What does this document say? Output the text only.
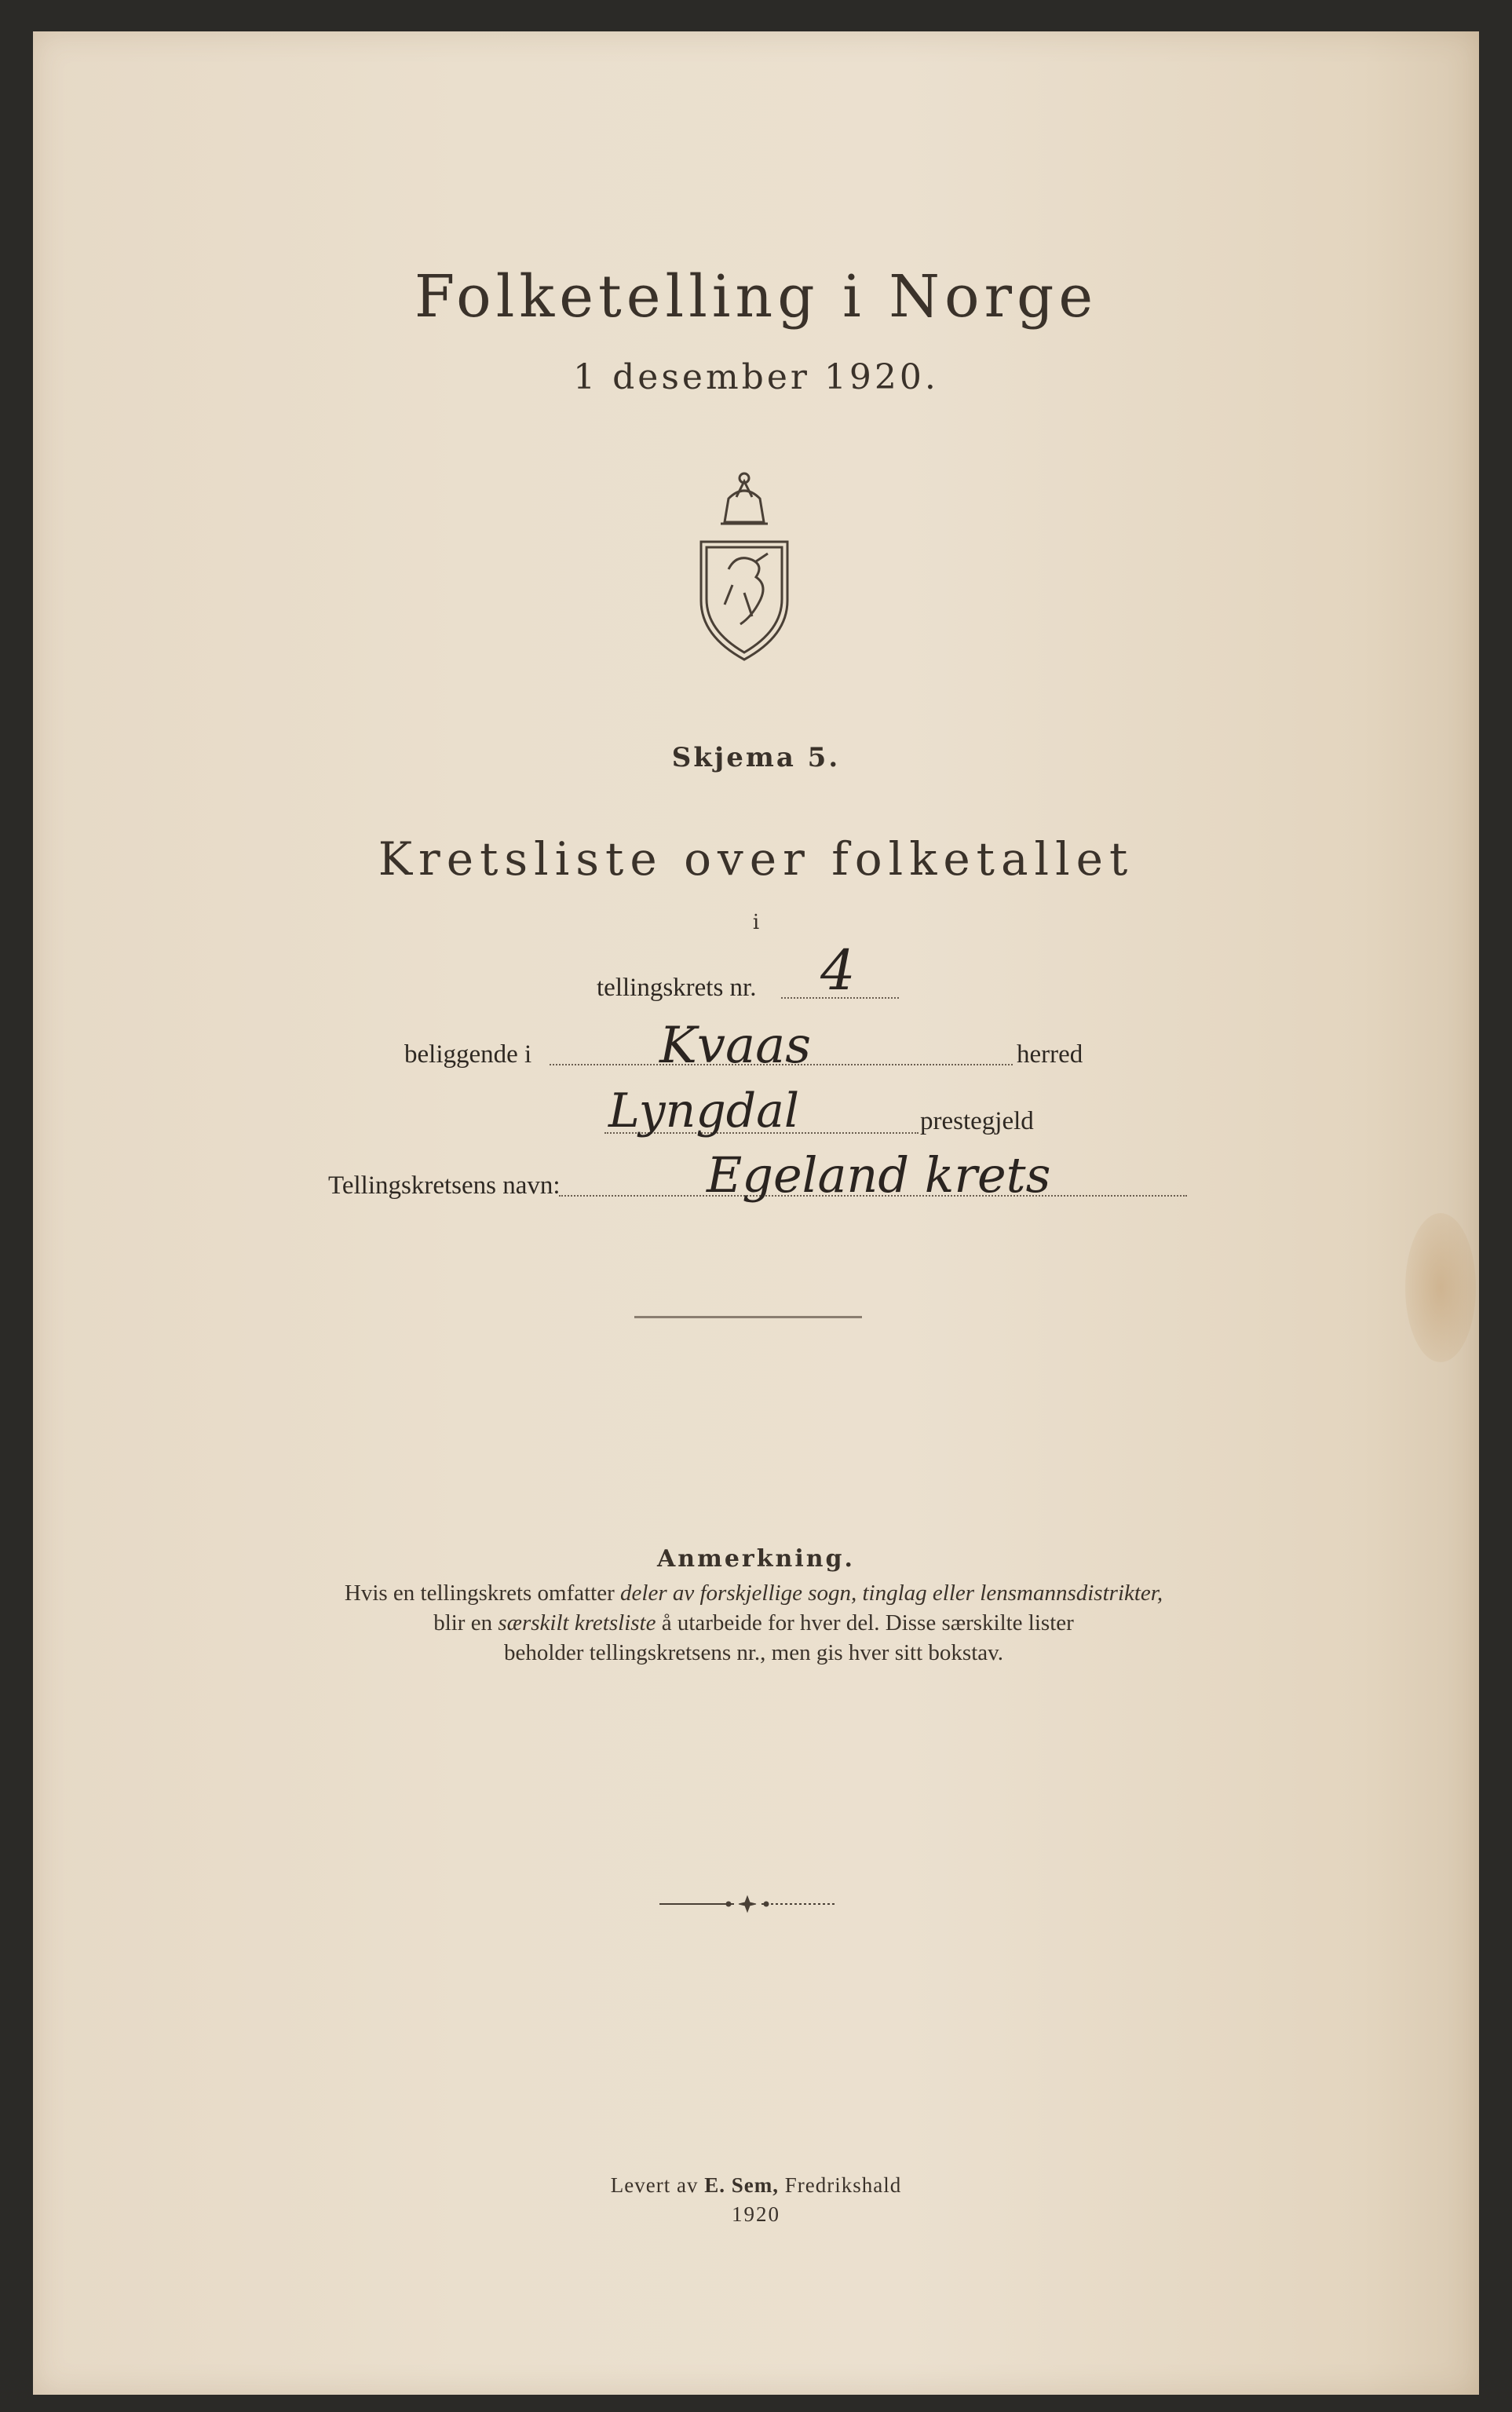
Folketelling i Norge
1 desember 1920.
Skjema 5.
Kretsliste over folketallet
i
tellingskrets nr. 4
beliggende i	Kvaas	herred
Lyngdal	prestegjeld
Tellingskretsens navn:	Egeland krets
Anmerkning.
Hvis en tellingskrets omfatter deler av forskjellige sogn, tinglag eller lensmannsdistrikter,
blir en særskilt kretsliste å utarbeide for hver del. Disse særskilte lister
beholder tellingskretsens nr., men gis hver sitt bokstav.
Levert av E. Sem, Fredrikshald
1920
